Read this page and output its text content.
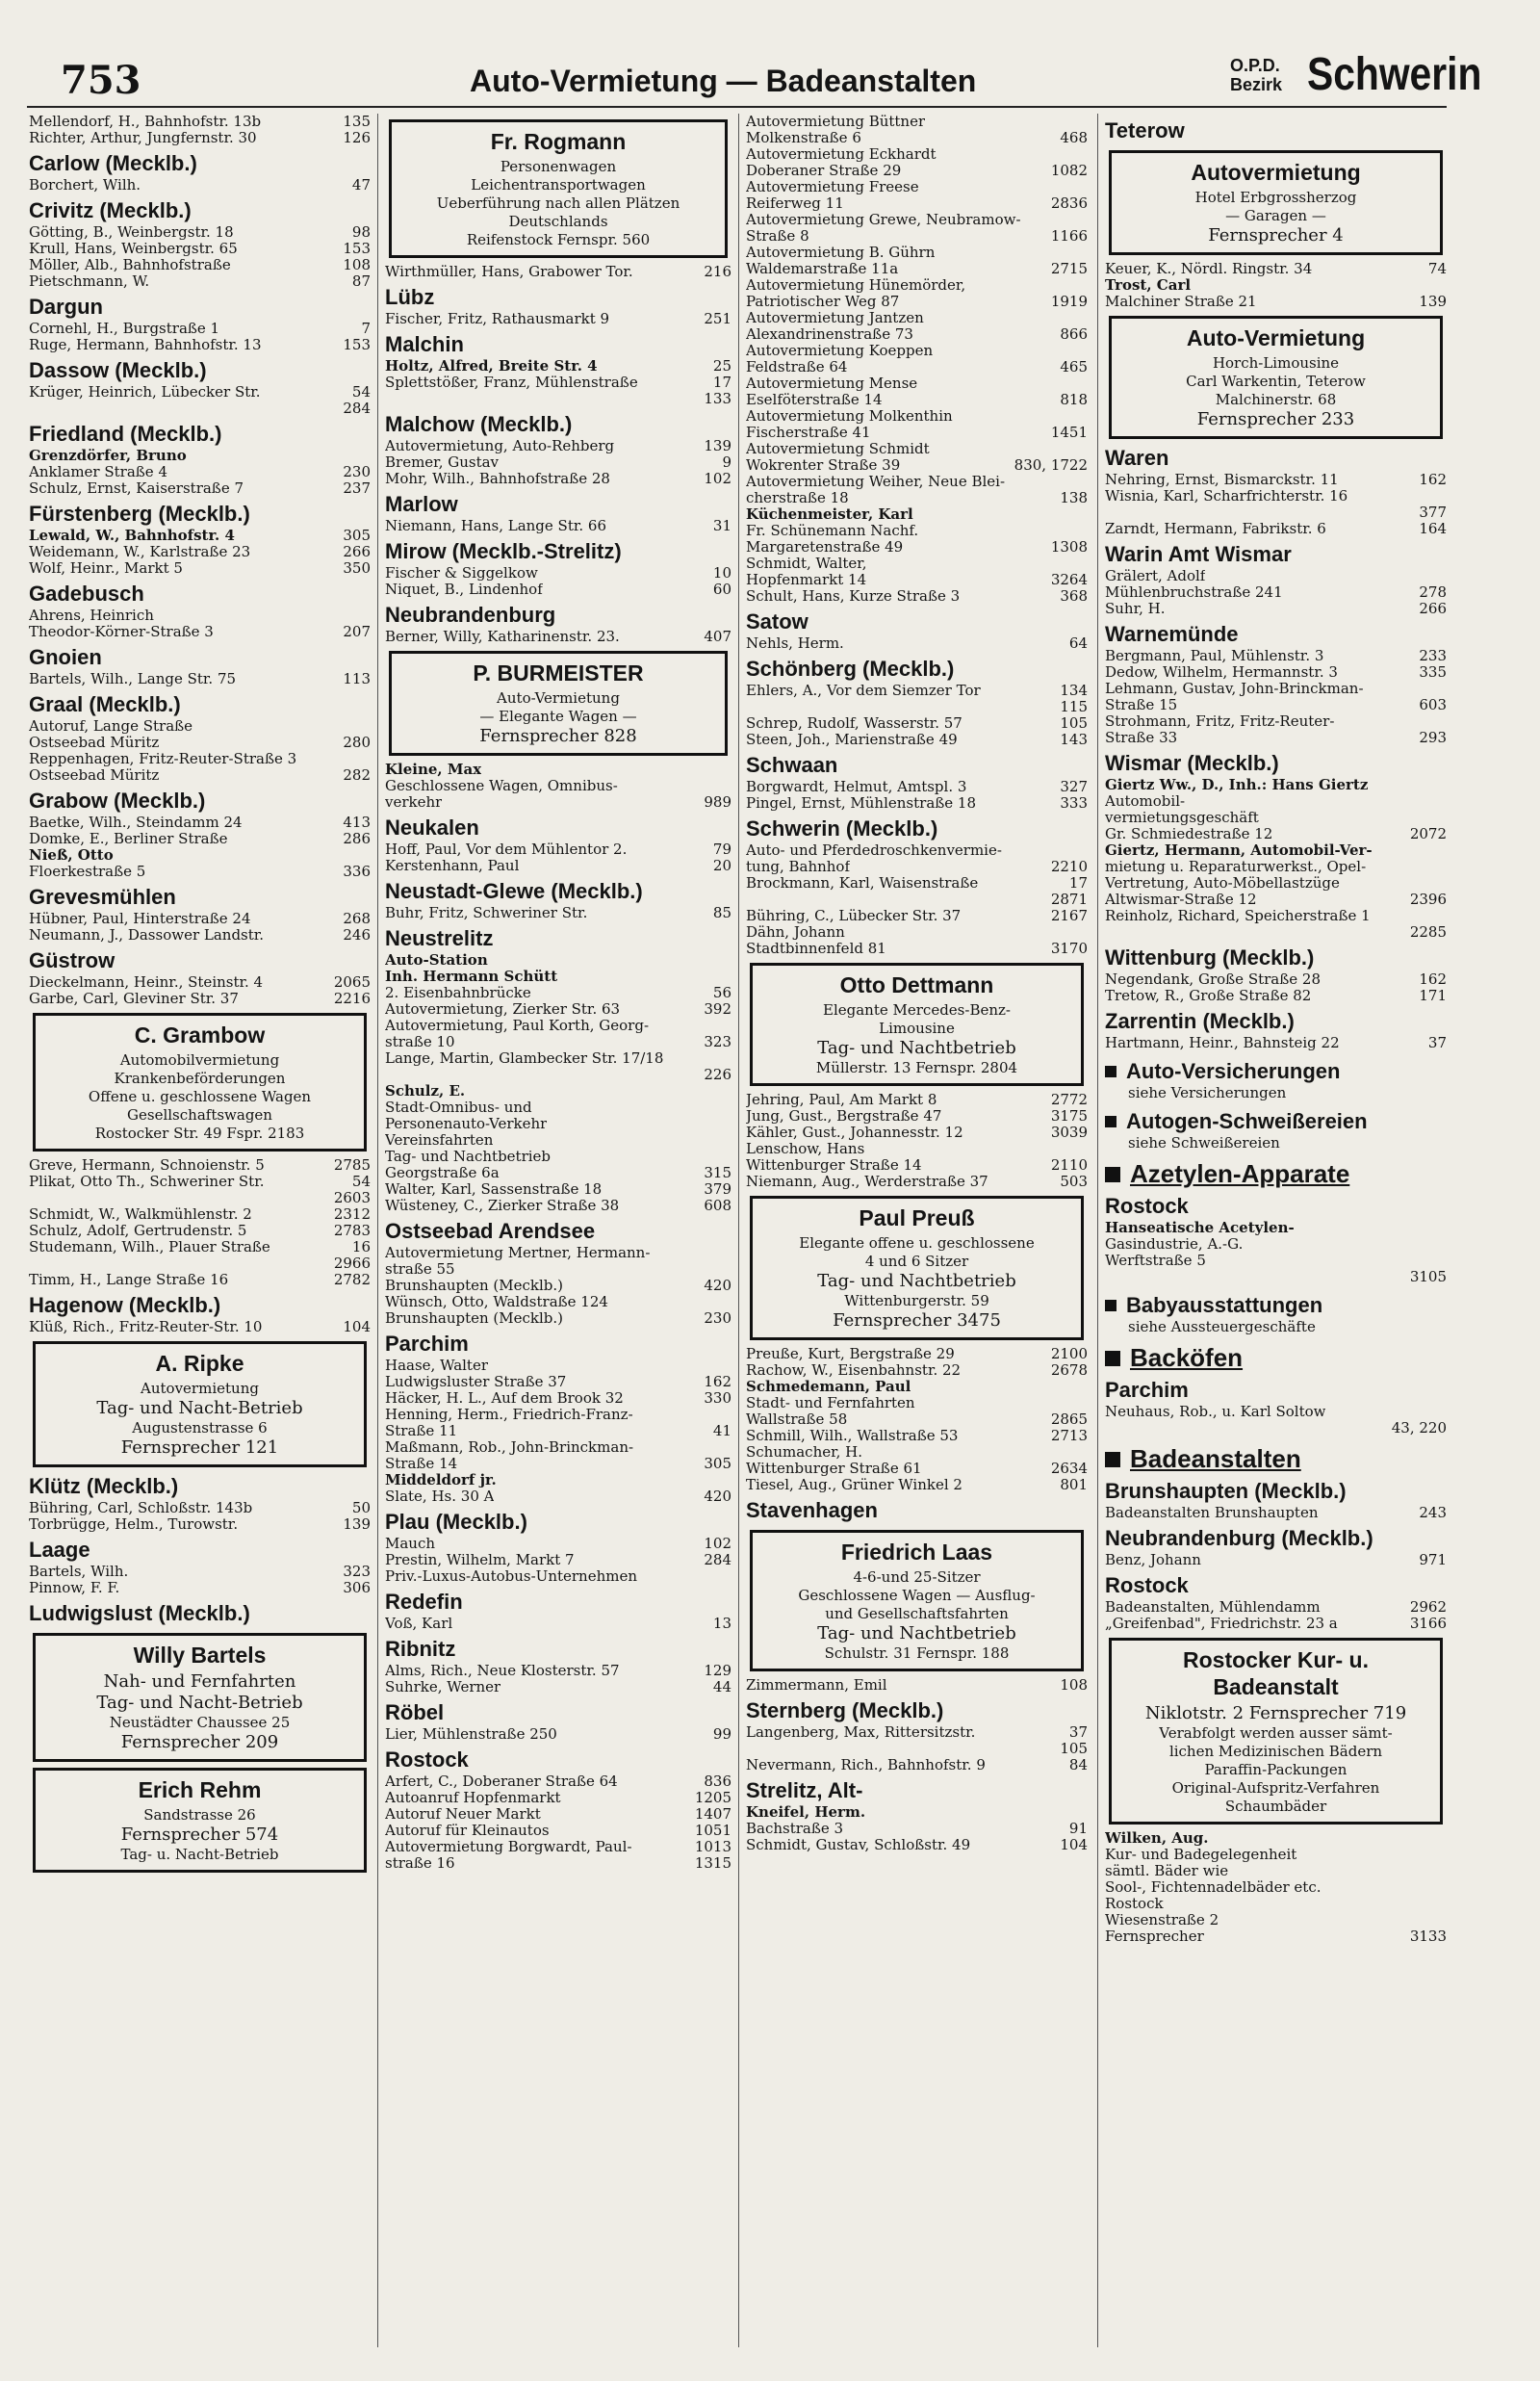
753	Auto-Vermietung — Badeanstalten	O.P.D.
Bezirk Schwerin
Mellendorf, H., Bahnhofstr. 13b	135
Richter, Arthur, Jungfernstr. 30	126
Carlow (Mecklb.)
Borchert, Wilh.	47
Crivitz (Mecklb.)
Götting, B., Weinbergstr. 18	98
Krull, Hans, Weinbergstr. 65	153
Möller, Alb., Bahnhofstraße	108
Pietschmann, W.	87
Dargun
Cornehl, H., Burgstraße 1	7
Ruge, Hermann, Bahnhofstr. 13	153
Dassow (Mecklb.)
Krüger, Heinrich, Lübecker Str.	54
284
Friedland (Mecklb.)
Grenzdörfer, Bruno
Anklamer Straße 4	230
Schulz, Ernst, Kaiserstraße 7	237
Fürstenberg (Mecklb.)
Lewald, W., Bahnhofstr. 4	305
Weidemann, W., Karlstraße 23	266
Wolf, Heinr., Markt 5	350
Gadebusch
Ahrens, Heinrich
Theodor-Körner-Straße 3	207
Gnoien
Bartels, Wilh., Lange Str. 75	113
Graal (Mecklb.)
Autoruf, Lange Straße
Ostseebad Müritz	280
Reppenhagen, Fritz-Reuter-Straße 3
Ostseebad Müritz	282
Grabow (Mecklb.)
Baetke, Wilh., Steindamm 24	413
Domke, E., Berliner Straße	286
Nieß, Otto
Floerkestraße 5	336
Grevesmühlen
Hübner, Paul, Hinterstraße 24	268
Neumann, J., Dassower Landstr.	246
Güstrow
Dieckelmann, Heinr., Steinstr. 4	2065
Garbe, Carl, Gleviner Str. 37	2216
C. Grambow
Automobilvermietung
Krankenbeförderungen
Offene u. geschlossene Wagen
Gesellschaftswagen
Rostocker Str. 49 Fspr. 2183
Greve, Hermann, Schnoienstr. 5	2785
Plikat, Otto Th., Schweriner Str.	54
2603
Schmidt, W., Walkmühlenstr. 2	2312
Schulz, Adolf, Gertrudenstr. 5	2783
Studemann, Wilh., Plauer Straße	16
2966
Timm, H., Lange Straße 16	2782
Hagenow (Mecklb.)
Klüß, Rich., Fritz-Reuter-Str. 10	104
A. Ripke
Autovermietung
Tag- und Nacht-Betrieb
Augustenstrasse 6
Fernsprecher 121
Klütz (Mecklb.)
Bühring, Carl, Schloßstr. 143b	50
Torbrügge, Helm., Turowstr.	139
Laage
Bartels, Wilh.	323
Pinnow, F. F.	306
Ludwigslust (Mecklb.)
Willy Bartels
Nah- und Fernfahrten
Tag- und Nacht-Betrieb
Neustädter Chaussee 25
Fernsprecher 209
Erich Rehm
Sandstrasse 26
Fernsprecher 574
Tag- u. Nacht-Betrieb
Fr. Rogmann
Personenwagen
Leichentransportwagen
Ueberführung nach allen Plätzen
Deutschlands
Reifenstock Fernspr. 560
Wirthmüller, Hans, Grabower Tor.	216
Lübz
Fischer, Fritz, Rathausmarkt 9	251
Malchin
Holtz, Alfred, Breite Str. 4	25
Splettstößer, Franz, Mühlenstraße	17
133
Malchow (Mecklb.)
Autovermietung, Auto-Rehberg	139
Bremer, Gustav	9
Mohr, Wilh., Bahnhofstraße 28	102
Marlow
Niemann, Hans, Lange Str. 66	31
Mirow (Mecklb.-Strelitz)
Fischer & Siggelkow	10
Niquet, B., Lindenhof	60
Neubrandenburg
Berner, Willy, Katharinenstr. 23.	407
P. BURMEISTER
Auto-Vermietung
— Elegante Wagen —
Fernsprecher 828
Kleine, Max
Geschlossene Wagen, Omnibus-
verkehr	989
Neukalen
Hoff, Paul, Vor dem Mühlentor 2.	79
Kerstenhann, Paul	20
Neustadt-Glewe (Mecklb.)
Buhr, Fritz, Schweriner Str.	85
Neustrelitz
Auto-Station
Inh. Hermann Schütt
2. Eisenbahnbrücke	56
Autovermietung, Zierker Str. 63	392
Autovermietung, Paul Korth, Georg-
straße 10	323
Lange, Martin, Glambecker Str. 17/18
226
Schulz, E.
Stadt-Omnibus- und
Personenauto-Verkehr
Vereinsfahrten
Tag- und Nachtbetrieb
Georgstraße 6a	315
Walter, Karl, Sassenstraße 18	379
Wüsteney, C., Zierker Straße 38	608
Ostseebad Arendsee
Autovermietung Mertner, Hermann-
straße 55
Brunshaupten (Mecklb.)	420
Wünsch, Otto, Waldstraße 124
Brunshaupten (Mecklb.)	230
Parchim
Haase, Walter
Ludwigsluster Straße 37	162
Häcker, H. L., Auf dem Brook 32	330
Henning, Herm., Friedrich-Franz-
Straße 11	41
Maßmann, Rob., John-Brinckman-
Straße 14	305
Middeldorf jr.
Slate, Hs. 30 A	420
Plau (Mecklb.)
Mauch	102
Prestin, Wilhelm, Markt 7	284
Priv.-Luxus-Autobus-Unternehmen
Redefin
Voß, Karl	13
Ribnitz
Alms, Rich., Neue Klosterstr. 57	129
Suhrke, Werner	44
Röbel
Lier, Mühlenstraße 250	99
Rostock
Arfert, C., Doberaner Straße 64	836
Autoanruf Hopfenmarkt	1205
Autoruf Neuer Markt	1407
Autoruf für Kleinautos	1051
Autovermietung Borgwardt, Paul-	1013
straße 16	1315
Autovermietung Büttner
Molkenstraße 6	468
Autovermietung Eckhardt
Doberaner Straße 29	1082
Autovermietung Freese
Reiferweg 11	2836
Autovermietung Grewe, Neubramow-
Straße 8	1166
Autovermietung B. Gührn
Waldemarstraße 11a	2715
Autovermietung Hünemörder,
Patriotischer Weg 87	1919
Autovermietung Jantzen
Alexandrinenstraße 73	866
Autovermietung Koeppen
Feldstraße 64	465
Autovermietung Mense
Eselföterstraße 14	818
Autovermietung Molkenthin
Fischerstraße 41	1451
Autovermietung Schmidt
Wokrenter Straße 39	830, 1722
Autovermietung Weiher, Neue Blei-
cherstraße 18	138
Küchenmeister, Karl
Fr. Schünemann Nachf.
Margaretenstraße 49	1308
Schmidt, Walter,
Hopfenmarkt 14	3264
Schult, Hans, Kurze Straße 3	368
Satow
Nehls, Herm.	64
Schönberg (Mecklb.)
Ehlers, A., Vor dem Siemzer Tor	134
115
Schrep, Rudolf, Wasserstr. 57	105
Steen, Joh., Marienstraße 49	143
Schwaan
Borgwardt, Helmut, Amtspl. 3	327
Pingel, Ernst, Mühlenstraße 18	333
Schwerin (Mecklb.)
Auto- und Pferdedroschkenvermie-
tung, Bahnhof	2210
Brockmann, Karl, Waisenstraße	17
2871
Bühring, C., Lübecker Str. 37	2167
Dähn, Johann
Stadtbinnenfeld 81	3170
Otto Dettmann
Elegante Mercedes-Benz-
Limousine
Tag- und Nachtbetrieb
Müllerstr. 13 Fernspr. 2804
Jehring, Paul, Am Markt 8	2772
Jung, Gust., Bergstraße 47	3175
Kähler, Gust., Johannesstr. 12	3039
Lenschow, Hans
Wittenburger Straße 14	2110
Niemann, Aug., Werderstraße 37	503
Paul Preuß
Elegante offene u. geschlossene
4 und 6 Sitzer
Tag- und Nachtbetrieb
Wittenburgerstr. 59
Fernsprecher 3475
Preuße, Kurt, Bergstraße 29	2100
Rachow, W., Eisenbahnstr. 22	2678
Schmedemann, Paul
Stadt- und Fernfahrten
Wallstraße 58	2865
Schmill, Wilh., Wallstraße 53	2713
Schumacher, H.
Wittenburger Straße 61	2634
Tiesel, Aug., Grüner Winkel 2	801
Stavenhagen
Friedrich Laas
4-6-und 25-Sitzer
Geschlossene Wagen — Ausflug-
und Gesellschaftsfahrten
Tag- und Nachtbetrieb
Schulstr. 31 Fernspr. 188
Zimmermann, Emil	108
Sternberg (Mecklb.)
Langenberg, Max, Rittersitzstr.	37
105
Nevermann, Rich., Bahnhofstr. 9	84
Strelitz, Alt-
Kneifel, Herm.
Bachstraße 3	91
Schmidt, Gustav, Schloßstr. 49	104
Teterow
Autovermietung
Hotel Erbgrossherzog
— Garagen —
Fernsprecher 4
Keuer, K., Nördl. Ringstr. 34	74
Trost, Carl
Malchiner Straße 21	139
Auto-Vermietung
Horch-Limousine
Carl Warkentin, Teterow
Malchinerstr. 68
Fernsprecher 233
Waren
Nehring, Ernst, Bismarckstr. 11	162
Wisnia, Karl, Scharfrichterstr. 16
377
Zarndt, Hermann, Fabrikstr. 6	164
Warin Amt Wismar
Grälert, Adolf
Mühlenbruchstraße 241	278
Suhr, H.	266
Warnemünde
Bergmann, Paul, Mühlenstr. 3	233
Dedow, Wilhelm, Hermannstr. 3	335
Lehmann, Gustav, John-Brinckman-
Straße 15	603
Strohmann, Fritz, Fritz-Reuter-
Straße 33	293
Wismar (Mecklb.)
Giertz Ww., D., Inh.: Hans Giertz
Automobil-
vermietungsgeschäft
Gr. Schmiedestraße 12	2072
Giertz, Hermann, Automobil-Ver-
mietung u. Reparaturwerkst., Opel-
Vertretung, Auto-Möbellastzüge
Altwismar-Straße 12	2396
Reinholz, Richard, Speicherstraße 1
2285
Wittenburg (Mecklb.)
Negendank, Große Straße 28	162
Tretow, R., Große Straße 82	171
Zarrentin (Mecklb.)
Hartmann, Heinr., Bahnsteig 22	37
Auto-Versicherungen
siehe Versicherungen
Autogen-Schweißereien
siehe Schweißereien
Azetylen-Apparate
Rostock
Hanseatische Acetylen-
Gasindustrie, A.-G.
Werftstraße 5
3105
Babyausstattungen
siehe Aussteuergeschäfte
Backöfen
Parchim
Neuhaus, Rob., u. Karl Soltow
43, 220
Badeanstalten
Brunshaupten (Mecklb.)
Badeanstalten Brunshaupten	243
Neubrandenburg (Mecklb.)
Benz, Johann	971
Rostock
Badeanstalten, Mühlendamm	2962
„Greifenbad", Friedrichstr. 23 a	3166
Rostocker Kur- u. Badeanstalt
Niklotstr. 2 Fernsprecher 719
Verabfolgt werden ausser sämt-
lichen Medizinischen Bädern
Paraffin-Packungen
Original-Aufspritz-Verfahren
Schaumbäder
Wilken, Aug.
Kur- und Badegelegenheit
sämtl. Bäder wie
Sool-, Fichtennadelbäder etc.
Rostock
Wiesenstraße 2
Fernsprecher	3133
